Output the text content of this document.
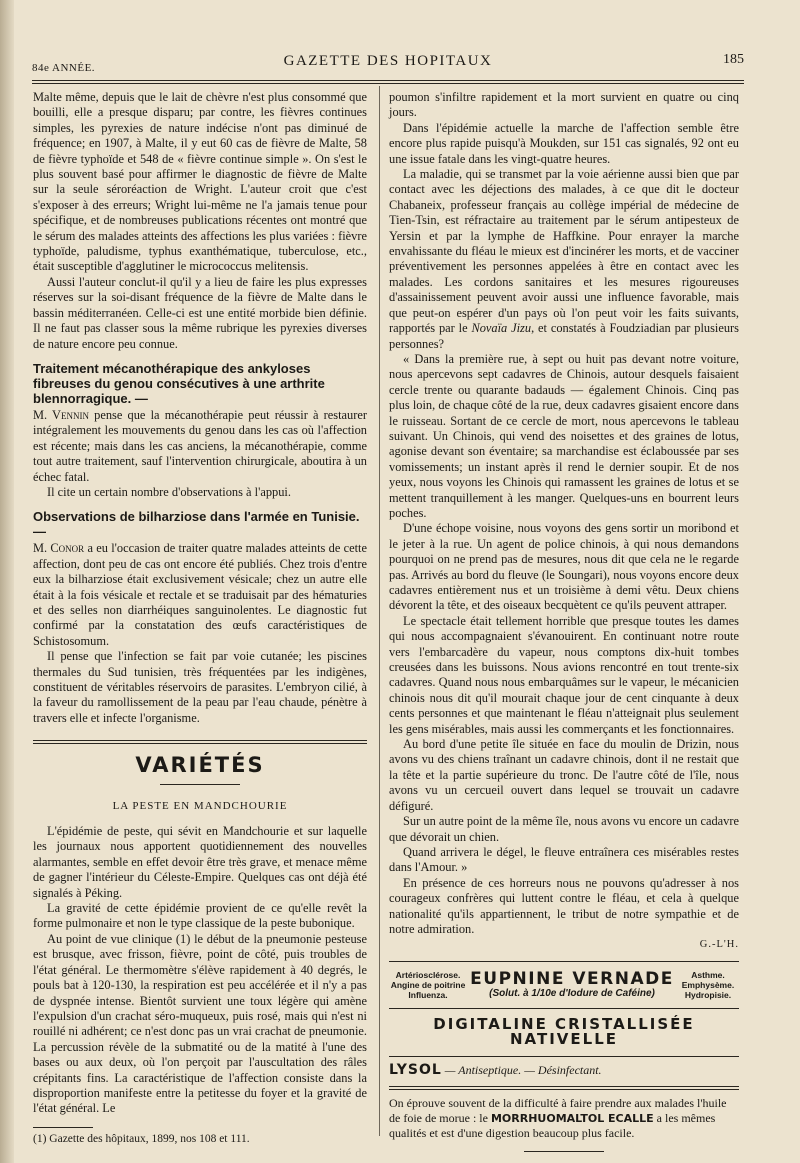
84e ANNÉE.	GAZETTE DES HOPITAUX	185

Malte même, depuis que le lait de chèvre n'est plus consommé que bouilli, elle a presque disparu; par contre, les fièvres continues simples, les pyrexies de nature indécise n'ont pas diminué de fréquence; en 1907, à Malte, il y eut 60 cas de fièvre de Malte, 58 de fièvre typhoïde et 548 de « fièvre continue simple ». On s'est le plus souvent basé pour affirmer le diagnostic de fièvre de Malte sur la seule séroréaction de Wright. L'auteur croit que c'est s'exposer à des erreurs; Wright lui-même ne l'a jamais tenue pour spécifique, et de nombreuses publications récentes ont montré que le sérum des malades atteints des affections les plus variées : fièvre typhoïde, paludisme, typhus exanthématique, tuberculose, etc., était susceptible d'agglutiner le micrococcus melitensis.

Aussi l'auteur conclut-il qu'il y a lieu de faire les plus expresses réserves sur la soi-disant fréquence de la fièvre de Malte dans le bassin méditerranéen. Celle-ci est une entité morbide bien définie. Il ne faut pas classer sous la même rubrique les pyrexies diverses de nature encore peu connue.

Traitement mécanothérapique des ankyloses fibreuses du genou consécutives à une arthrite blennorragique. —

M. Vennin pense que la mécanothérapie peut réussir à restaurer intégralement les mouvements du genou dans les cas où l'affection est récente; mais dans les cas anciens, la mécanothérapie, comme tout autre traitement, sauf l'intervention chirurgicale, aboutira à un échec fatal.

Il cite un certain nombre d'observations à l'appui.

Observations de bilharziose dans l'armée en Tunisie. —

M. Conor a eu l'occasion de traiter quatre malades atteints de cette affection, dont peu de cas ont encore été publiés. Chez trois d'entre eux la bilharziose était exclusivement vésicale; chez un autre elle était à la fois vésicale et rectale et se traduisait par des hématuries et des selles non diarrhéiques sanguinolentes. Le diagnostic fut confirmé par la constatation des œufs caractéristiques de Schistosomum.

Il pense que l'infection se fait par voie cutanée; les piscines thermales du Sud tunisien, très fréquentées par les indigènes, constituent de véritables réservoirs de parasites. L'embryon cilié, à la faveur du ramollissement de la peau par l'eau chaude, pénètre à travers elle et infecte l'organisme.

VARIÉTÉS
LA PESTE EN MANDCHOURIE

L'épidémie de peste, qui sévit en Mandchourie et sur laquelle les journaux nous apportent quotidiennement des nouvelles alarmantes, semble en effet devoir être très grave, et menace même de gagner l'intérieur du Céleste-Empire. Quelques cas ont déjà été signalés à Péking.

La gravité de cette épidémie provient de ce qu'elle revêt la forme pulmonaire et non le type classique de la peste bubonique.

Au point de vue clinique (1) le début de la pneumonie pesteuse est brusque, avec frisson, fièvre, point de côté, puis troubles de l'état général. Le thermomètre s'élève rapidement à 40 degrés, le pouls bat à 120-130, la respiration est peu accélérée et il n'y a pas de dyspnée intense. Bientôt survient une toux légère qui amène l'expulsion d'un crachat séro-muqueux, puis rosé, mais qui n'est ni rouillé ni adhérent; ce n'est donc pas un vrai crachat de pneumonie. La percussion révèle de la submatité ou de la matité à l'une des bases ou aux deux, où l'on perçoit par l'auscultation des râles crépitants fins. La caractéristique de l'affection consiste dans la disproportion manifeste entre la petitesse du foyer et la gravité de l'état général. Le

(1) Gazette des hôpitaux, 1899, nos 108 et 111.

poumon s'infiltre rapidement et la mort survient en quatre ou cinq jours.

Dans l'épidémie actuelle la marche de l'affection semble être encore plus rapide puisqu'à Moukden, sur 151 cas signalés, 92 ont eu une issue fatale dans les vingt-quatre heures.

La maladie, qui se transmet par la voie aérienne aussi bien que par contact avec les déjections des malades, à ce que dit le docteur Chabaneix, professeur français au collège impérial de médecine de Tien-Tsin, est réfractaire au traitement par le sérum antipesteux de Yersin et par la lymphe de Haffkine. Pour enrayer la marche envahissante du fléau le mieux est d'incinérer les morts, et de vacciner préventivement les personnes appelées à être en contact avec les malades. Les cordons sanitaires et les mesures rigoureuses d'assainissement peuvent avoir aussi une influence favorable, mais que peut-on espérer d'un pays où l'on peut voir les faits suivants, rapportés par le Novaïa Jizu, et constatés à Foudziadian par plusieurs personnes?

« Dans la première rue, à sept ou huit pas devant notre voiture, nous apercevons sept cadavres de Chinois, autour desquels faisaient cercle trente ou quarante badauds — également Chinois. Cinq pas plus loin, de chaque côté de la rue, deux cadavres gisaient encore dans le ruisseau. Sortant de ce cercle de mort, nous apercevons le tableau suivant. Un Chinois, qui vend des noisettes et des graines de lotus, agonise devant son éventaire; sa marchandise est éclaboussée par ses vomissements; un instant après il rend le dernier soupir. Et de nos yeux, nous voyons les Chinois qui ramassent les graines de lotus et se mettent tranquillement à les manger. Quelques-uns en bourrent leurs poches.

D'une échope voisine, nous voyons des gens sortir un moribond et le jeter à la rue. Un agent de police chinois, à qui nous demandons pourquoi on ne prend pas de mesures, nous dit que cela ne le regarde pas. Arrivés au bord du fleuve (le Soungari), nous voyons encore deux cadavres entièrement nus et un troisième à demi vêtu. Deux chiens dévorent la tête, et des oiseaux becquètent ce qu'ils peuvent attraper.

Le spectacle était tellement horrible que presque toutes les dames qui nous accompagnaient s'évanouirent. En continuant notre route vers l'embarcadère du vapeur, nous comptons dix-huit tombes creusées dans les buissons. Nous avions rencontré en tout trente-six cadavres. Quand nous nous embarquâmes sur le vapeur, le mécanicien chinois nous dit qu'il mourait chaque jour de cent cinquante à deux cents personnes et que maintenant le fléau n'atteignait plus seulement les gens misérables, mais aussi les commerçants et les fonctionnaires.

Au bord d'une petite île située en face du moulin de Drizin, nous avons vu des chiens traînant un cadavre chinois, dont il ne restait que la tête et la partie supérieure du tronc. De l'autre côté de l'île, nous avons vu un cercueil ouvert dans lequel se trouvait un cadavre défiguré.

Sur un autre point de la même île, nous avons vu encore un cadavre que dévorait un chien.

Quand arrivera le dégel, le fleuve entraînera ces misérables restes dans l'Amour. »

En présence de ces horreurs nous ne pouvons qu'adresser à nos courageux confrères qui luttent contre le fléau, et cela à quelque nationalité qu'ils appartiennent, le tribut de notre sympathie et de notre admiration.

G.-L'H.
Artériosclérose. Angine de poitrine Influenza.
EUPNINE VERNADE
(Solut. à 1/10e d'Iodure de Caféine)
Asthme. Emphysème. Hydropisie.
DIGITALINE CRISTALLISÉE NATIVELLE
LYSOL — Antiseptique. — Désinfectant.
On éprouve souvent de la difficulté à faire prendre aux malades l'huile de foie de morue : le MORRHUOMALTOL ECALLE a les mêmes qualités et est d'une digestion beaucoup plus facile.
